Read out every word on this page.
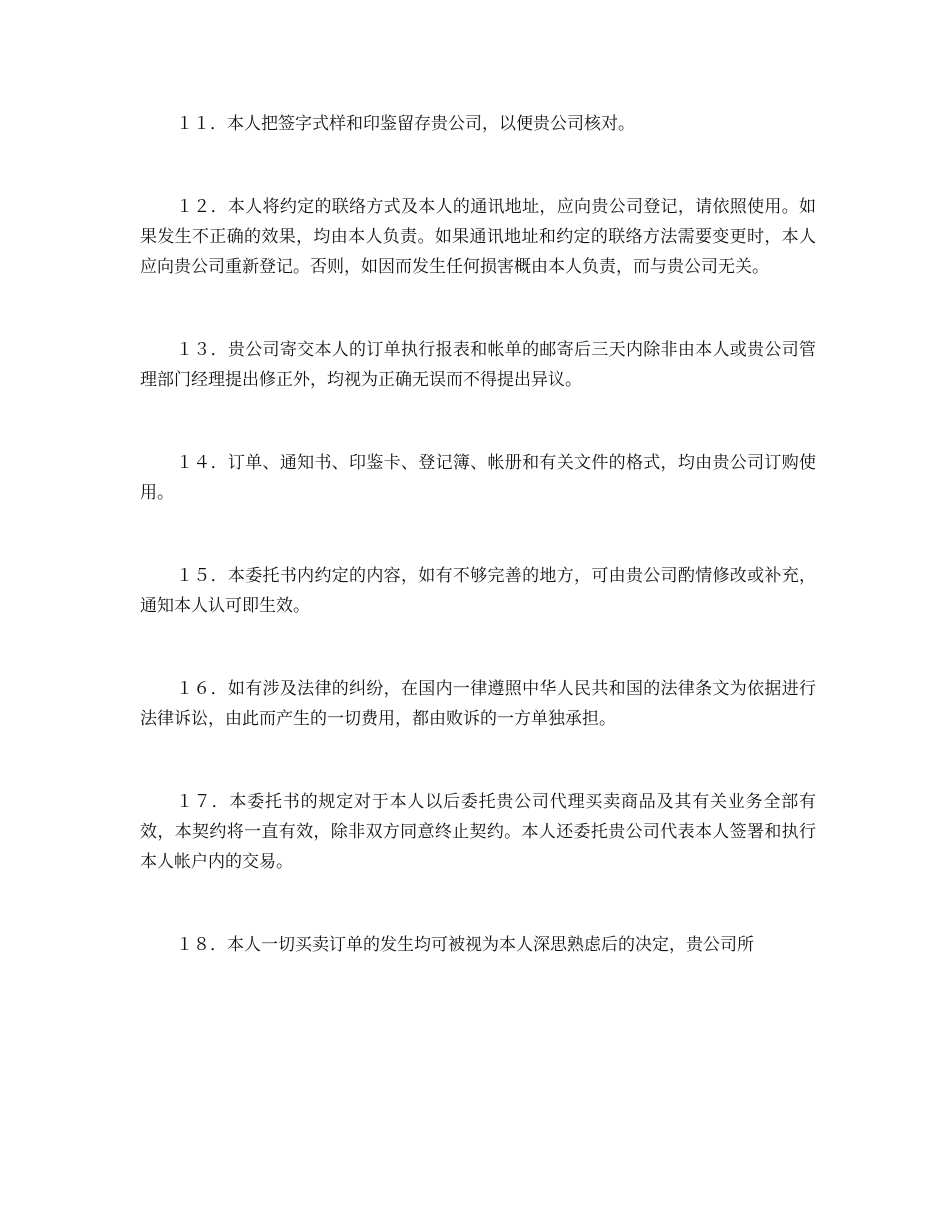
１１．本人把签字式样和印鉴留存贵公司，以便贵公司核对。

１２．本人将约定的联络方式及本人的通讯地址，应向贵公司登记，请依照使用。如果发生不正确的效果，均由本人负责。如果通讯地址和约定的联络方法需要变更时，本人应向贵公司重新登记。否则，如因而发生任何损害概由本人负责，而与贵公司无关。

１３．贵公司寄交本人的订单执行报表和帐单的邮寄后三天内除非由本人或贵公司管理部门经理提出修正外，均视为正确无误而不得提出异议。

１４．订单、通知书、印鉴卡、登记簿、帐册和有关文件的格式，均由贵公司订购使用。

１５．本委托书内约定的内容，如有不够完善的地方，可由贵公司酌情修改或补充，通知本人认可即生效。

１６．如有涉及法律的纠纷，在国内一律遵照中华人民共和国的法律条文为依据进行法律诉讼，由此而产生的一切费用，都由败诉的一方单独承担。

１７．本委托书的规定对于本人以后委托贵公司代理买卖商品及其有关业务全部有效，本契约将一直有效，除非双方同意终止契约。本人还委托贵公司代表本人签署和执行本人帐户内的交易。

１８．本人一切买卖订单的发生均可被视为本人深思熟虑后的决定，贵公司所
